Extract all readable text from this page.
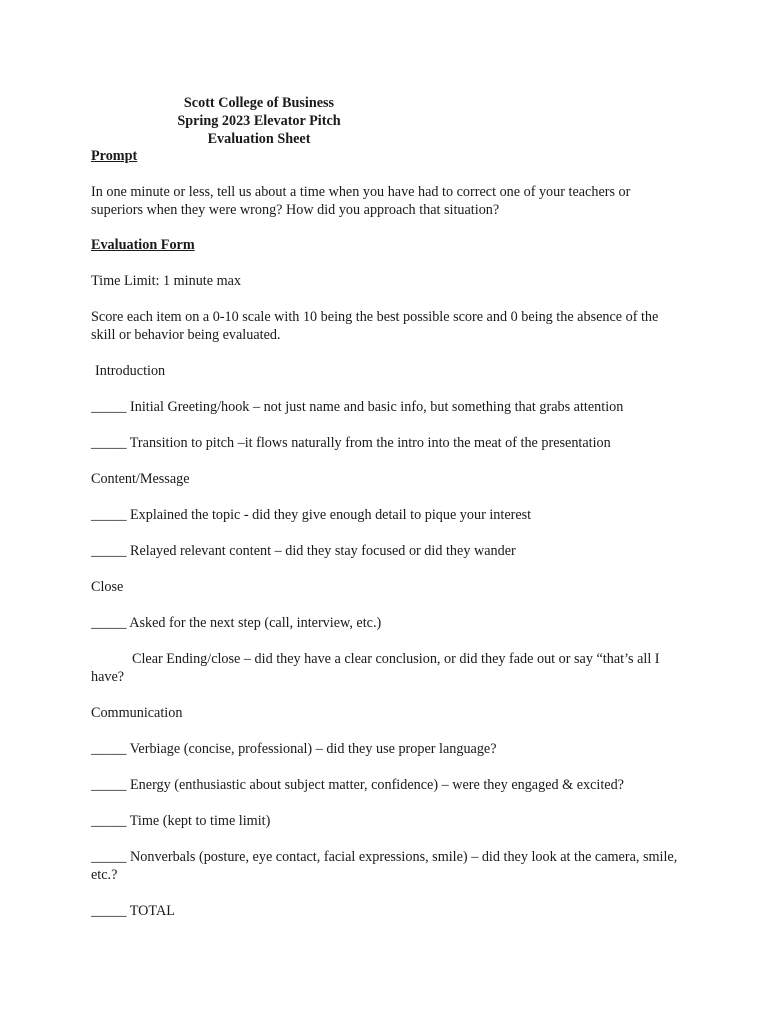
Scott College of Business
Spring 2023 Elevator Pitch
Evaluation Sheet
Prompt
In one minute or less, tell us about a time when you have had to correct one of your teachers or superiors when they were wrong? How did you approach that situation?
Evaluation Form
Time Limit: 1 minute max
Score each item on a 0-10 scale with 10 being the best possible score and 0 being the absence of the skill or behavior being evaluated.
Introduction
_____ Initial Greeting/hook – not just name and basic info, but something that grabs attention
_____ Transition to pitch –it flows naturally from the intro into the meat of the presentation
Content/Message
_____ Explained the topic - did they give enough detail to pique your interest
_____ Relayed relevant content – did they stay focused or did they wander
Close
_____ Asked for the next step (call, interview, etc.)
Clear Ending/close – did they have a clear conclusion, or did they fade out or say “that’s all I have?
Communication
_____ Verbiage (concise, professional) – did they use proper language?
_____ Energy (enthusiastic about subject matter, confidence) – were they engaged & excited?
_____ Time (kept to time limit)
_____ Nonverbals (posture, eye contact, facial expressions, smile) – did they look at the camera, smile, etc.?
_____ TOTAL
